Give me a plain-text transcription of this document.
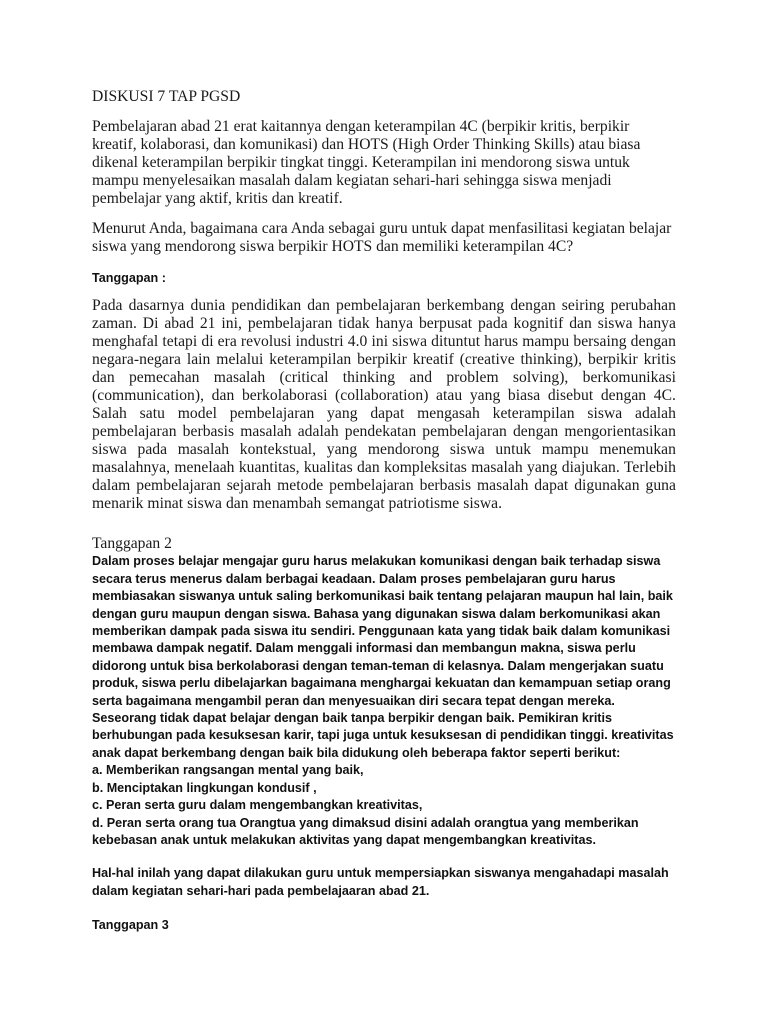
DISKUSI 7 TAP PGSD

Pembelajaran abad 21 erat kaitannya dengan keterampilan 4C (berpikir kritis, berpikir kreatif, kolaborasi, dan komunikasi) dan HOTS (High Order Thinking Skills) atau biasa dikenal keterampilan berpikir tingkat tinggi. Keterampilan ini mendorong siswa untuk mampu menyelesaikan masalah dalam kegiatan sehari-hari sehingga siswa menjadi pembelajar yang aktif, kritis dan kreatif.

Menurut Anda, bagaimana cara Anda sebagai guru untuk dapat menfasilitasi kegiatan belajar siswa yang mendorong siswa berpikir HOTS dan memiliki keterampilan 4C?

Tanggapan :

Pada dasarnya dunia pendidikan dan pembelajaran berkembang dengan seiring perubahan zaman. Di abad 21 ini, pembelajaran tidak hanya berpusat pada kognitif dan siswa hanya menghafal tetapi di era revolusi industri 4.0 ini siswa dituntut harus mampu bersaing dengan negara-negara lain melalui keterampilan berpikir kreatif (creative thinking), berpikir kritis dan pemecahan masalah (critical thinking and problem solving), berkomunikasi (communication), dan berkolaborasi (collaboration) atau yang biasa disebut dengan 4C. Salah satu model pembelajaran yang dapat mengasah keterampilan siswa adalah pembelajaran berbasis masalah adalah pendekatan pembelajaran dengan mengorientasikan siswa pada masalah kontekstual, yang mendorong siswa untuk mampu menemukan masalahnya, menelaah kuantitas, kualitas dan kompleksitas masalah yang diajukan. Terlebih dalam pembelajaran sejarah metode pembelajaran berbasis masalah dapat digunakan guna menarik minat siswa dan menambah semangat patriotisme siswa.

Tanggapan 2

Dalam proses belajar mengajar guru harus melakukan komunikasi dengan baik terhadap siswa secara terus menerus dalam berbagai keadaan. Dalam proses pembelajaran guru harus membiasakan siswanya untuk saling berkomunikasi baik tentang pelajaran maupun hal lain, baik dengan guru maupun dengan siswa. Bahasa yang digunakan siswa dalam berkomunikasi akan memberikan dampak pada siswa itu sendiri. Penggunaan kata yang tidak baik dalam komunikasi membawa dampak negatif. Dalam menggali informasi dan membangun makna, siswa perlu didorong untuk bisa berkolaborasi dengan teman-teman di kelasnya. Dalam mengerjakan suatu produk, siswa perlu dibelajarkan bagaimana menghargai kekuatan dan kemampuan setiap orang serta bagaimana mengambil peran dan menyesuaikan diri secara tepat dengan mereka. Seseorang tidak dapat belajar dengan baik tanpa berpikir dengan baik. Pemikiran kritis berhubungan pada kesuksesan karir, tapi juga untuk kesuksesan di pendidikan tinggi. kreativitas anak dapat berkembang dengan baik bila didukung oleh beberapa faktor seperti berikut:

a. Memberikan rangsangan mental yang baik,
b. Menciptakan lingkungan kondusif ,
c. Peran serta guru dalam mengembangkan kreativitas,
d. Peran serta orang tua Orangtua yang dimaksud disini adalah orangtua yang memberikan kebebasan anak untuk melakukan aktivitas yang dapat mengembangkan kreativitas.

Hal-hal inilah yang dapat dilakukan guru untuk mempersiapkan siswanya mengahadapi masalah dalam kegiatan sehari-hari pada pembelajaaran abad 21.

Tanggapan 3
